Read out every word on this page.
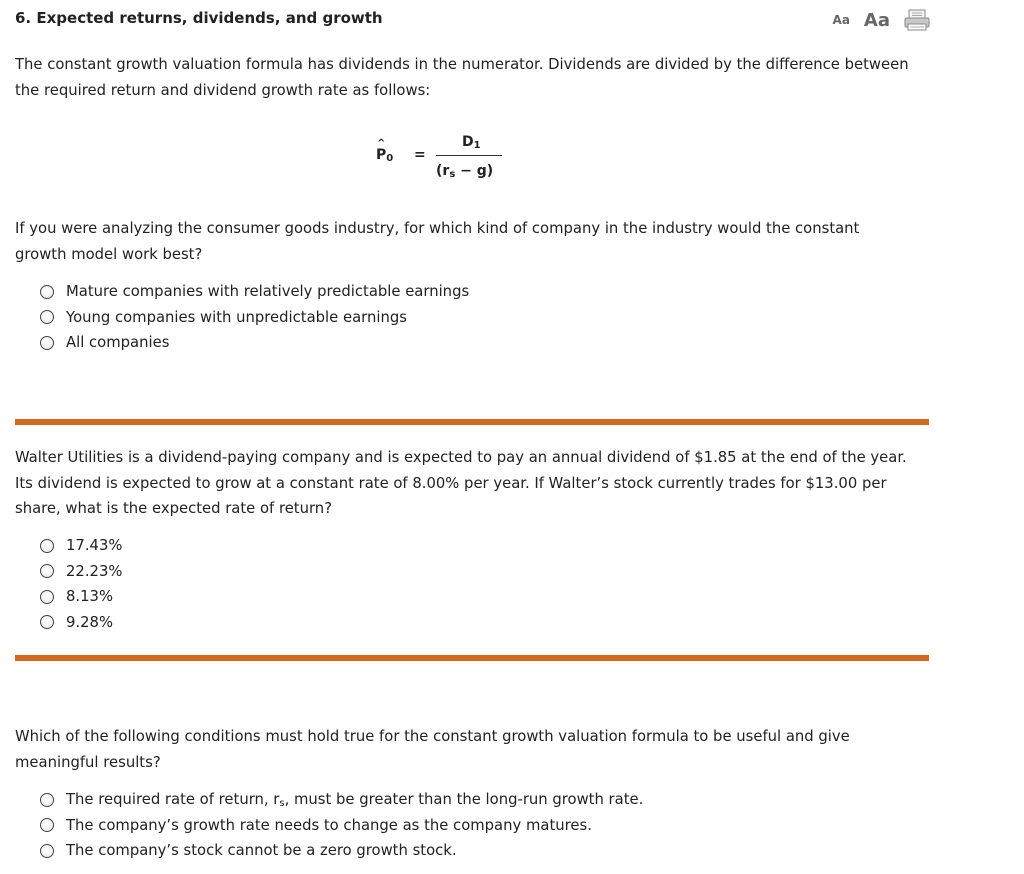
6. Expected returns, dividends, and growth	Aa Aa

The constant growth valuation formula has dividends in the numerator. Dividends are divided by the difference between the required return and dividend growth rate as follows:

^ $P_0$ =
$D_1$
$(r_s - g)$

If you were analyzing the consumer goods industry, for which kind of company in the industry would the constant growth model work best?

Mature companies with relatively predictable earnings
Young companies with unpredictable earnings
All companies

Walter Utilities is a dividend-paying company and is expected to pay an annual dividend of $1.85 at the end of the year. Its dividend is expected to grow at a constant rate of 8.00% per year. If Walter’s stock currently trades for $13.00 per share, what is the expected rate of return?

17.43%
22.23%
8.13%
9.28%

Which of the following conditions must hold true for the constant growth valuation formula to be useful and give meaningful results?

The required rate of return, $r_s$, must be greater than the long-run growth rate.
The company’s growth rate needs to change as the company matures.
The company’s stock cannot be a zero growth stock.
